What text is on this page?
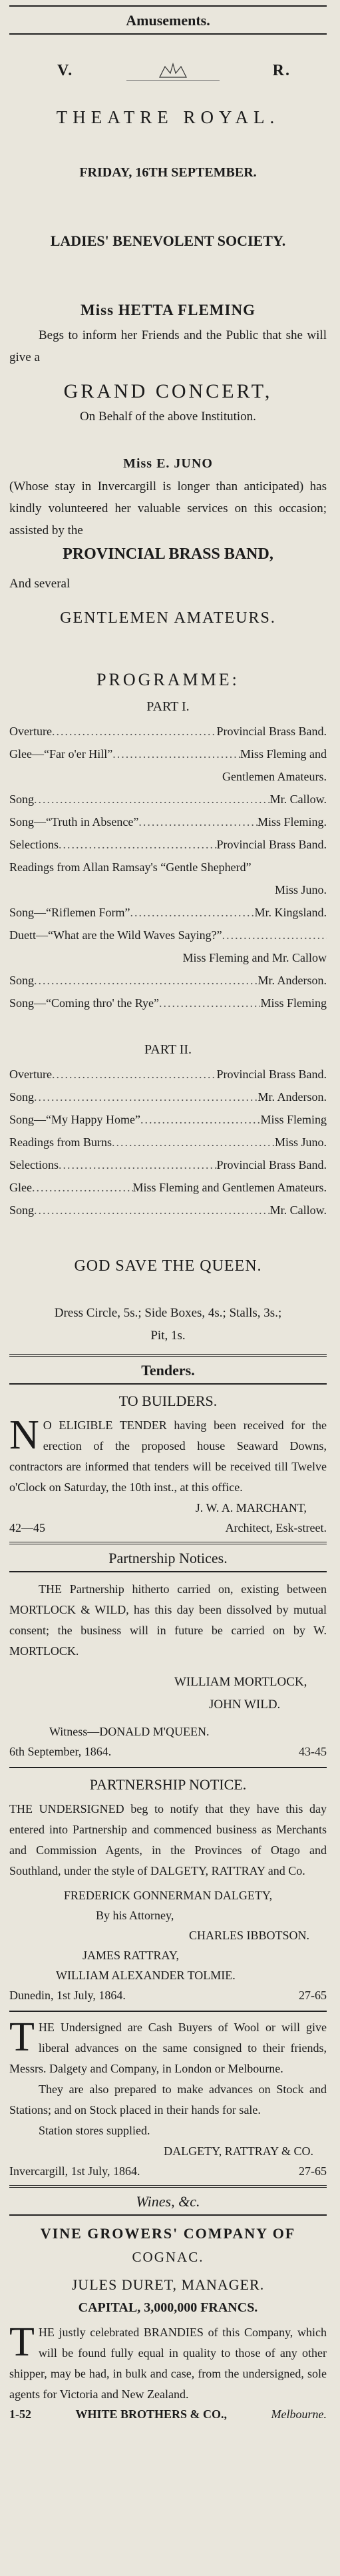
Amusements.
V.	R.
THEATRE ROYAL.
FRIDAY, 16TH SEPTEMBER.
LADIES' BENEVOLENT SOCIETY.
Miss HETTA FLEMING
Begs to inform her Friends and the Public that she will give a
GRAND CONCERT,
On Behalf of the above Institution.
Miss E. JUNO
(Whose stay in Invercargill is longer than anticipated) has kindly volunteered her valuable services on this occasion; assisted by the
PROVINCIAL BRASS BAND,
And several
GENTLEMEN AMATEURS.
PROGRAMME:
PART I.
Overture .....	Provincial Brass Band.
Glee—“Far o'er Hill” .....	Miss Fleming and
Gentlemen Amateurs.
Song .....	Mr. Callow.
Song—“Truth in Absence” .....	Miss Fleming.
Selections .....	Provincial Brass Band.
Readings from Allan Ramsay's “Gentle Shepherd”
Miss Juno.
Song—“Riflemen Form” .....	Mr. Kingsland.
Duett—“What are the Wild Waves Saying?”
.....
Miss Fleming and Mr. Callow
Song .....	Mr. Anderson.
Song—“Coming thro' the Rye” .....	Miss Fleming
PART II.
Overture .....	Provincial Brass Band.
Song .....	Mr. Anderson.
Song—“My Happy Home” .....	Miss Fleming
Readings from Burns .....	Miss Juno.
Selections .....	Provincial Brass Band.
Glee .....	Miss Fleming and Gentlemen Amateurs.
Song .....	Mr. Callow.
GOD SAVE THE QUEEN.
Dress Circle, 5s.; Side Boxes, 4s.; Stalls, 3s.;
Pit, 1s.
Tenders.
TO BUILDERS.
N O ELIGIBLE TENDER having been received for the erection of the proposed house Seaward Downs, contractors are informed that tenders will be received till Twelve o'Clock on Saturday, the 10th inst., at this office.
J. W. A. MARCHANT,
42—45	Architect, Esk-street.
Partnership Notices.
THE Partnership hitherto carried on, existing between MORTLOCK & WILD, has this day been dissolved by mutual consent; the business will in future be carried on by W. MORTLOCK.
WILLIAM MORTLOCK,
JOHN WILD.
Witness—DONALD M'QUEEN.
6th September, 1864.	43-45
PARTNERSHIP NOTICE.
THE UNDERSIGNED beg to notify that they have this day entered into Partnership and commenced business as Merchants and Commission Agents, in the Provinces of Otago and Southland, under the style of DALGETY, RATTRAY and Co.
FREDERICK GONNERMAN DALGETY,
By his Attorney,
CHARLES IBBOTSON.
JAMES RATTRAY,
WILLIAM ALEXANDER TOLMIE.
Dunedin, 1st July, 1864.	27-65
T HE Undersigned are Cash Buyers of Wool or will give liberal advances on the same consigned to their friends, Messrs. Dalgety and Company, in London or Melbourne.
They are also prepared to make advances on Stock and Stations; and on Stock placed in their hands for sale.
Station stores supplied.
DALGETY, RATTRAY & CO.
Invercargill, 1st July, 1864.	27-65
Wines, &c.
VINE GROWERS' COMPANY OF
COGNAC.
JULES DURET, MANAGER.
CAPITAL, 3,000,000 FRANCS.
T HE justly celebrated BRANDIES of this Company, which will be found fully equal in quality to those of any other shipper, may be had, in bulk and case, from the undersigned, sole agents for Victoria and New Zealand.
1-52	WHITE BROTHERS & CO.,	Melbourne.
